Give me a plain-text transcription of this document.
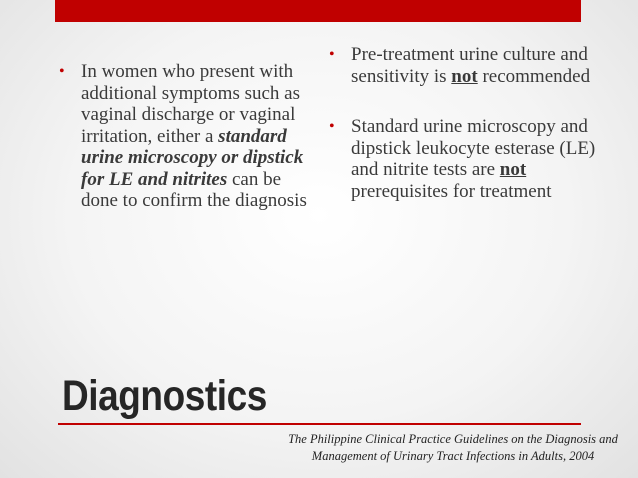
• In women who present with additional symptoms such as vaginal discharge or vaginal irritation, either a standard urine microscopy or dipstick for LE and nitrites can be done to confirm the diagnosis
• Pre-treatment urine culture and sensitivity is not recommended
• Standard urine microscopy and dipstick leukocyte esterase (LE) and nitrite tests are not prerequisites for treatment
Diagnostics
The Philippine Clinical Practice Guidelines on the Diagnosis and
Management of Urinary Tract Infections in Adults, 2004
